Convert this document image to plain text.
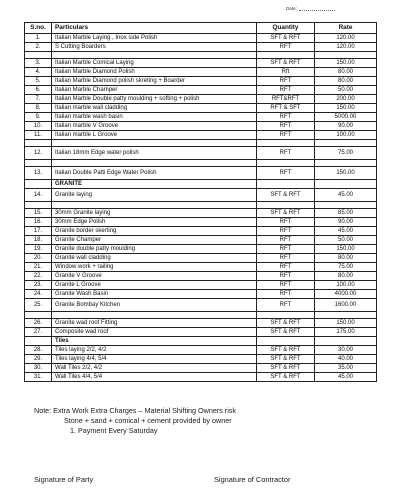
Date:
S.no.	Particulars	Quantity	Rate
1.	Italian Marble Laying , Inox side Polish	SFT & RFT	120.00
2.	S Cutting Boarders	RFT	120.00

3.	Italian Marble Comical Laying	SFT & RFT	150.00
4.	Italian Marble Diamond Polish	Rft	80.00
5.	Italian Marble Diamond polish skreting + Boarder	RFT	80.00
6.	Italian Marble Champer	RFT	50.00
7.	Italian Marble Double patty moulding + softing + polish	RFT&RFT	200.00
8.	Italian marble wall cladding	RFT & SFT	150.00
9.	Italian marble wash basin	RFT	5000.00
10.	Italian marble V Groove	RFT	90.00
11.	Italian marble L Groove	RFT	100.00

12.	Italian 18mm Edge water polish	RFT	75.00

13.	Italian Double Patti Edge Water Polish	RFT	150.00
	GRANITE		
14.	Granite laying	SFT & RFT	45.00

15.	30mm Granite laying	SFT & RFT	85.00
16.	30mm Edge Polish	RFT	90.00
17.	Granite border skerting	RFT	45.00
18.	Granite Champer	RFT	50.00
19.	Granite double patty moulding	RFT	150.00
20.	Granite wall cladding	RFT	80.00
21.	Window work + railing	RFT	75.00
22.	Granite V Groove	RFT	80.00
23.	Granite L Groove	RFT	100.00
24.	Granite Wash Basin	RFT	4000.00
25.	Granite Bombay Kitchen	RFT	1600.00

26.	Granite wad roof Fitting	SFT & RFT	150.00
27.	Composite wad roof	SFT & RFT	175.00
	Tiles		
28.	Tiles laying 2/2, 4/2	SFT & RFT	30.00
29.	Tiles laying 4/4, 5/4	SFT & RFT	40.00
30.	Wall Tiles 2/2, 4/2	SFT & RFT	35.00
31.	Wall Tiles 4/4, 5/4	SFT & RFT	45.00
Note: Extra Work Extra Charges – Material Shifting Owners risk
Stone + sand + comical + cement provided by owner
1. Payment Every Saturday
Signature of Party	Signature of Contractor
